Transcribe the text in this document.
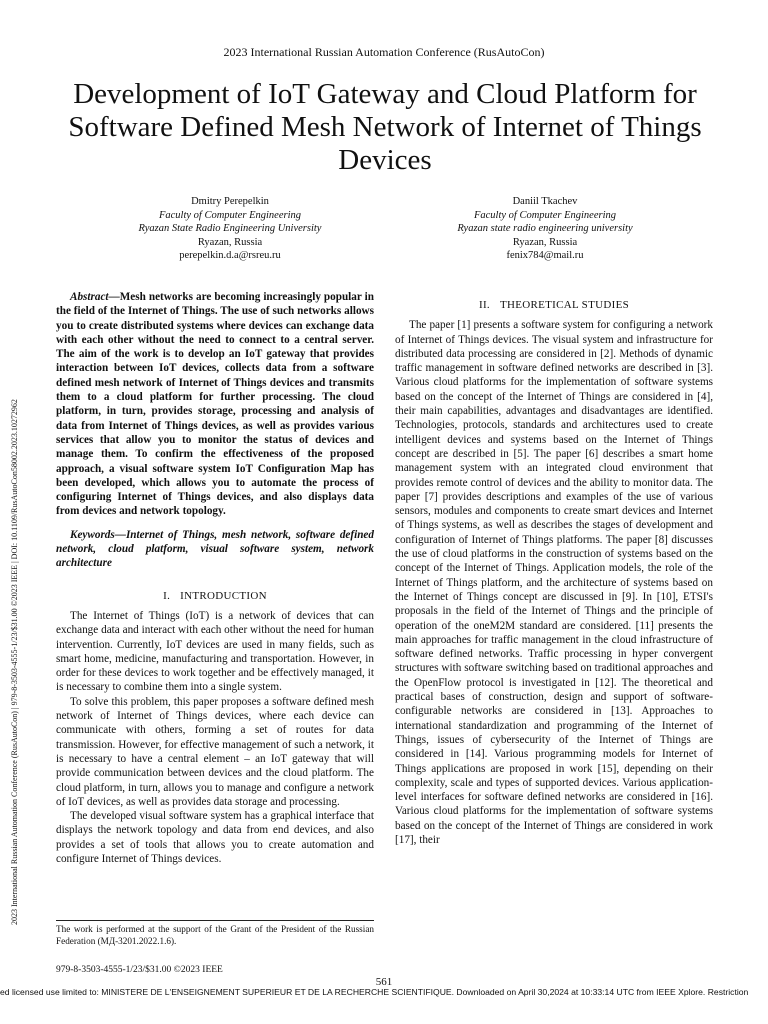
2023 International Russian Automation Conference (RusAutoCon)
Development of IoT Gateway and Cloud Platform for Software Defined Mesh Network of Internet of Things Devices
Dmitry Perepelkin
Faculty of Computer Engineering
Ryazan State Radio Engineering University
Ryazan, Russia
perepelkin.d.a@rsreu.ru
Daniil Tkachev
Faculty of Computer Engineering
Ryazan state radio engineering university
Ryazan, Russia
fenix784@mail.ru
2023 International Russian Automation Conference (RusAutoCon) | 979-8-3503-4555-1/23/$31.00 ©2023 IEEE | DOI: 10.1109/RusAutoCon58002.2023.10272962

Abstract—Mesh networks are becoming increasingly popular in the field of the Internet of Things. The use of such networks allows you to create distributed systems where devices can exchange data with each other without the need to connect to a central server. The aim of the work is to develop an IoT gateway that provides interaction between IoT devices, collects data from a software defined mesh network of Internet of Things devices and transmits them to a cloud platform for further processing. The cloud platform, in turn, provides storage, processing and analysis of data from Internet of Things devices, as well as provides various services that allow you to monitor the status of devices and manage them. To confirm the effectiveness of the proposed approach, a visual software system IoT Configuration Map has been developed, which allows you to automate the process of configuring Internet of Things devices, and also displays data from devices and network topology.

Keywords—Internet of Things, mesh network, software defined network, cloud platform, visual software system, network architecture

I. INTRODUCTION

The Internet of Things (IoT) is a network of devices that can exchange data and interact with each other without the need for human intervention. Currently, IoT devices are used in many fields, such as smart home, medicine, manufacturing and transportation. However, in order for these devices to work together and be effectively managed, it is necessary to combine them into a single system.

To solve this problem, this paper proposes a software defined mesh network of Internet of Things devices, where each device can communicate with others, forming a set of routes for data transmission. However, for effective management of such a network, it is necessary to have a central element – an IoT gateway that will provide communication between devices and the cloud platform. The cloud platform, in turn, allows you to manage and configure a network of IoT devices, as well as provides data storage and processing.

The developed visual software system has a graphical interface that displays the network topology and data from end devices, and also provides a set of tools that allows you to create automation and configure Internet of Things devices.

II. THEORETICAL STUDIES

The paper [1] presents a software system for configuring a network of Internet of Things devices. The visual system and infrastructure for distributed data processing are considered in [2]. Methods of dynamic traffic management in software defined networks are described in [3]. Various cloud platforms for the implementation of software systems based on the concept of the Internet of Things are considered in [4], their main capabilities, advantages and disadvantages are identified. Technologies, protocols, standards and architectures used to create intelligent devices and systems based on the Internet of Things concept are described in [5]. The paper [6] describes a smart home management system with an integrated cloud environment that provides remote control of devices and the ability to monitor data. The paper [7] provides descriptions and examples of the use of various sensors, modules and components to create smart devices and Internet of Things systems, as well as describes the stages of development and configuration of Internet of Things platforms. The paper [8] discusses the use of cloud platforms in the construction of systems based on the concept of the Internet of Things. Application models, the role of the Internet of Things platform, and the architecture of systems based on the Internet of Things concept are discussed in [9]. In [10], ETSI's proposals in the field of the Internet of Things and the principle of operation of the oneM2M standard are considered. [11] presents the main approaches for traffic management in the cloud infrastructure of software defined networks. Traffic processing in hyper convergent structures with software switching based on traditional approaches and the OpenFlow protocol is investigated in [12]. The theoretical and practical bases of construction, design and support of software-configurable networks are considered in [13]. Approaches to international standardization and programming of the Internet of Things, issues of cybersecurity of the Internet of Things are considered in [14]. Various programming models for Internet of Things applications are proposed in work [15], depending on their complexity, scale and types of supported devices. Various application-level interfaces for software defined networks are considered in [16]. Various cloud platforms for the implementation of software systems based on the concept of the Internet of Things are considered in work [17], their

The work is performed at the support of the Grant of the President of the Russian Federation (МД-3201.2022.1.6).
979-8-3503-4555-1/23/$31.00 ©2023 IEEE
561
ed licensed use limited to: MINISTERE DE L'ENSEIGNEMENT SUPERIEUR ET DE LA RECHERCHE SCIENTIFIQUE. Downloaded on April 30,2024 at 10:33:14 UTC from IEEE Xplore. Restriction
